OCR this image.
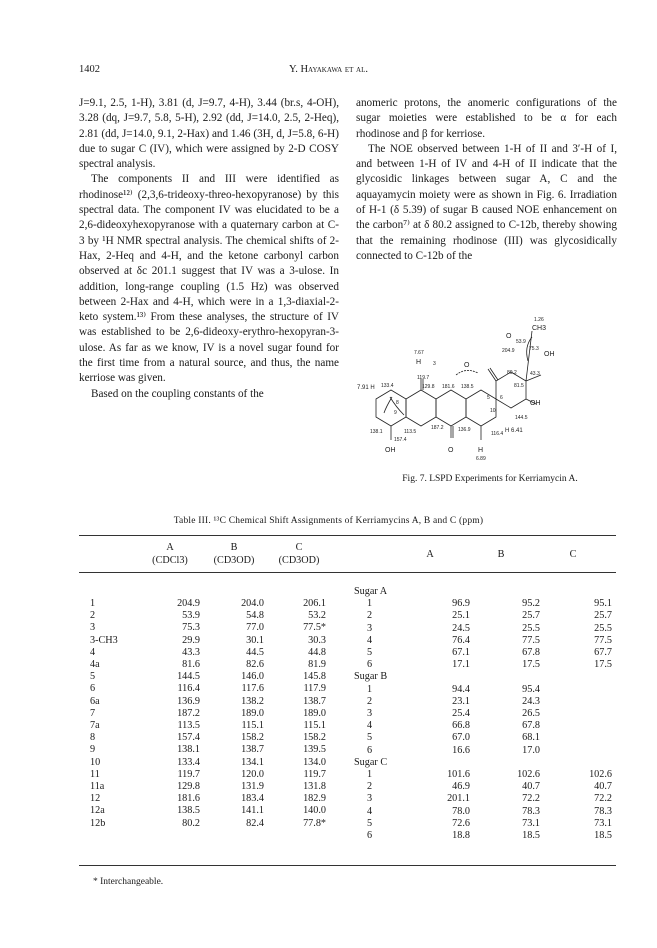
1402	Y. Hayakawa et al.

J=9.1, 2.5, 1-H), 3.81 (d, J=9.7, 4-H), 3.44 (br.s, 4-OH), 3.28 (dq, J=9.7, 5.8, 5-H), 2.92 (dd, J=14.0, 2.5, 2-Heq), 2.81 (dd, J=14.0, 9.1, 2-Hax) and 1.46 (3H, d, J=5.8, 6-H) due to sugar C (IV), which were assigned by 2-D COSY spectral analysis.

The components II and III were identified as rhodinose¹²⁾ (2,3,6-trideoxy-threo-hexopyranose) by this spectral data. The component IV was elucidated to be a 2,6-dideoxyhexopyranose with a quaternary carbon at C-3 by ¹H NMR spectral analysis. The chemical shifts of 2-Hax, 2-Heq and 4-H, and the ketone carbonyl carbon observed at δc 201.1 suggest that IV was a 3-ulose. In addition, long-range coupling (1.5 Hz) was observed between 2-Hax and 4-H, which were in a 1,3-diaxial-2-keto system.¹³⁾ From these analyses, the structure of IV was established to be 2,6-dideoxy-erythro-hexopyran-3-ulose. As far as we know, IV is a novel sugar found for the first time from a natural source, and thus, the name kerriose was given.

Based on the coupling constants of the

anomeric protons, the anomeric configurations of the sugar moieties were established to be α for each rhodinose and β for kerriose.

The NOE observed between 1-H of II and 3′-H of I, and between 1-H of IV and 4-H of II indicate that the glycosidic linkages between sugar A, C and the aquayamycin moiety were as shown in Fig. 6. Irradiation of H-1 (δ 5.39) of sugar B caused NOE enhancement on the carbon⁷⁾ at δ 80.2 assigned to C-12b, thereby showing that the remaining rhodinose (III) was glycosidically connected to C-12b of the

1.26
CH3
O
53.9
204.9	75.3
OH
7.67
H 3	O
80.2	43.3
119.7
7.91 H 133.4	129.8 181.6 138.5	81.5
5 6
OH
8
9	10
144.5
138.1	113.5
187.2	136.9
116.4 H 6.41
157.4
OH	O	H
6.89
Fig. 7. LSPD Experiments for Kerriamycin A.
Table III. ¹³C Chemical Shift Assignments of Kerriamycins A, B and C (ppm)
A
(CDCl3)
B
(CD3OD)
C
(CD3OD)
A	B	C
1	204.9	204.0	206.1
2	53.9	54.8	53.2
3	75.3	77.0	77.5*
3-CH3	29.9	30.1	30.3
4	43.3	44.5	44.8
4a	81.6	82.6	81.9
5	144.5	146.0	145.8
6	116.4	117.6	117.9
6a	136.9	138.2	138.7
7	187.2	189.0	189.0
7a	113.5	115.1	115.1
8	157.4	158.2	158.2
9	138.1	138.7	139.5
10	133.4	134.1	134.0
11	119.7	120.0	119.7
11a	129.8	131.9	131.8
12	181.6	183.4	182.9
12a	138.5	141.1	140.0
12b	80.2	82.4	77.8*
Sugar A			
1	96.9	95.2	95.1
2	25.1	25.7	25.7
3	24.5	25.5	25.5
4	76.4	77.5	77.5
5	67.1	67.8	67.7
6	17.1	17.5	17.5
Sugar B			
1	94.4	95.4	
2	23.1	24.3	
3	25.4	26.5	
4	66.8	67.8	
5	67.0	68.1	
6	16.6	17.0	
Sugar C			
1	101.6	102.6	102.6
2	46.9	40.7	40.7
3	201.1	72.2	72.2
4	78.0	78.3	78.3
5	72.6	73.1	73.1
6	18.8	18.5	18.5
* Interchangeable.
